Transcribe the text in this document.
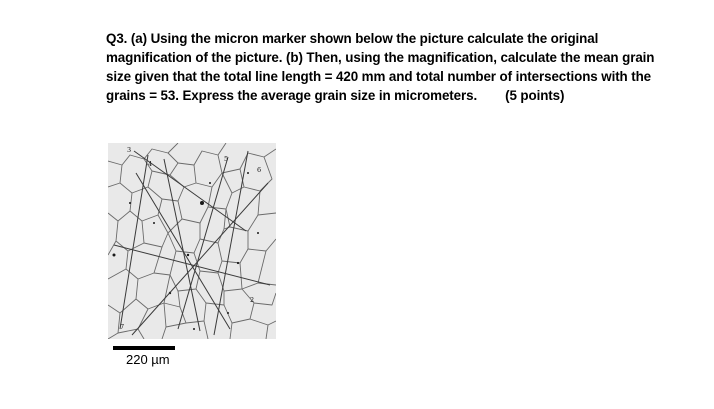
Q3. (a) Using the micron marker shown below the picture calculate the original
magnification of the picture. (b) Then, using the magnification, calculate the mean grain
size given that the total line length = 420 mm and total number of intersections with the
grains = 53. Express the average grain size in micrometers. (5 points)
3
4
5
6
2
7
220 µm
